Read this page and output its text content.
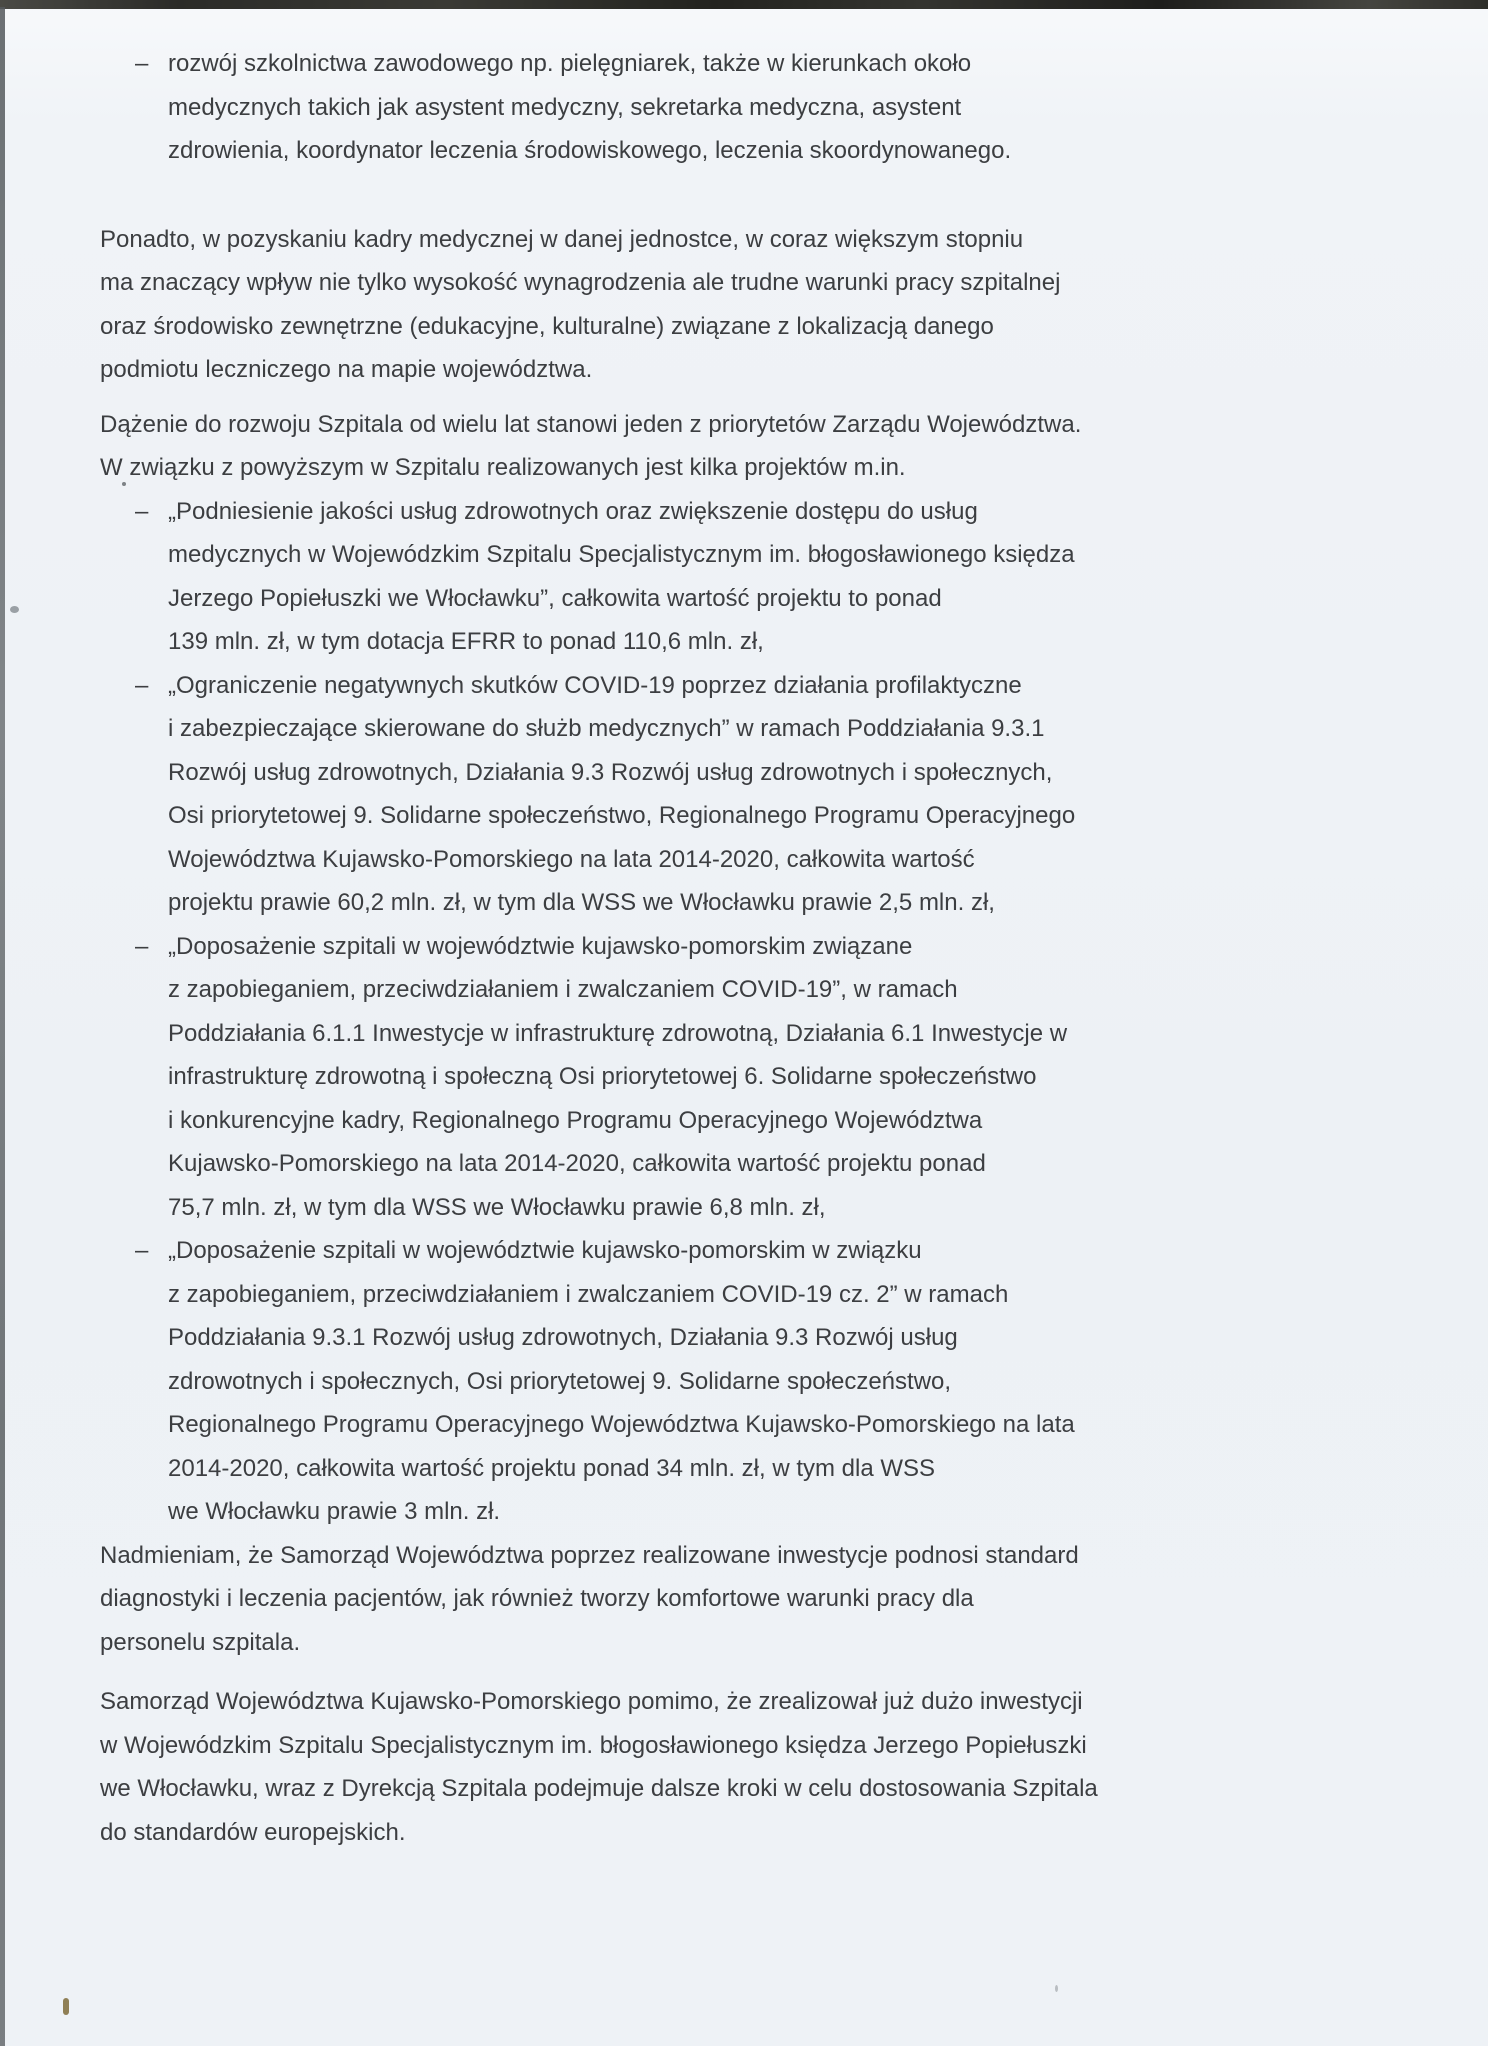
– rozwój szkolnictwa zawodowego np. pielęgniarek, także w kierunkach około
medycznych takich jak asystent medyczny, sekretarka medyczna, asystent
zdrowienia, koordynator leczenia środowiskowego, leczenia skoordynowanego.

Ponadto, w pozyskaniu kadry medycznej w danej jednostce, w coraz większym stopniu
ma znaczący wpływ nie tylko wysokość wynagrodzenia ale trudne warunki pracy szpitalnej
oraz środowisko zewnętrzne (edukacyjne, kulturalne) związane z lokalizacją danego
podmiotu leczniczego na mapie województwa.

Dążenie do rozwoju Szpitala od wielu lat stanowi jeden z priorytetów Zarządu Województwa.
W związku z powyższym w Szpitalu realizowanych jest kilka projektów m.in.

– „Podniesienie jakości usług zdrowotnych oraz zwiększenie dostępu do usług
medycznych w Wojewódzkim Szpitalu Specjalistycznym im. błogosławionego księdza
Jerzego Popiełuszki we Włocławku”, całkowita wartość projektu to ponad
139 mln. zł, w tym dotacja EFRR to ponad 110,6 mln. zł,
– „Ograniczenie negatywnych skutków COVID-19 poprzez działania profilaktyczne
i zabezpieczające skierowane do służb medycznych” w ramach Poddziałania 9.3.1
Rozwój usług zdrowotnych, Działania 9.3 Rozwój usług zdrowotnych i społecznych,
Osi priorytetowej 9. Solidarne społeczeństwo, Regionalnego Programu Operacyjnego
Województwa Kujawsko-Pomorskiego na lata 2014-2020, całkowita wartość
projektu prawie 60,2 mln. zł, w tym dla WSS we Włocławku prawie 2,5 mln. zł,
– „Doposażenie szpitali w województwie kujawsko-pomorskim związane
z zapobieganiem, przeciwdziałaniem i zwalczaniem COVID-19”, w ramach
Poddziałania 6.1.1 Inwestycje w infrastrukturę zdrowotną, Działania 6.1 Inwestycje w
infrastrukturę zdrowotną i społeczną Osi priorytetowej 6. Solidarne społeczeństwo
i konkurencyjne kadry, Regionalnego Programu Operacyjnego Województwa
Kujawsko-Pomorskiego na lata 2014-2020, całkowita wartość projektu ponad
75,7 mln. zł, w tym dla WSS we Włocławku prawie 6,8 mln. zł,
– „Doposażenie szpitali w województwie kujawsko-pomorskim w związku
z zapobieganiem, przeciwdziałaniem i zwalczaniem COVID-19 cz. 2” w ramach
Poddziałania 9.3.1 Rozwój usług zdrowotnych, Działania 9.3 Rozwój usług
zdrowotnych i społecznych, Osi priorytetowej 9. Solidarne społeczeństwo,
Regionalnego Programu Operacyjnego Województwa Kujawsko-Pomorskiego na lata
2014-2020, całkowita wartość projektu ponad 34 mln. zł, w tym dla WSS
we Włocławku prawie 3 mln. zł.

Nadmieniam, że Samorząd Województwa poprzez realizowane inwestycje podnosi standard
diagnostyki i leczenia pacjentów, jak również tworzy komfortowe warunki pracy dla
personelu szpitala.

Samorząd Województwa Kujawsko-Pomorskiego pomimo, że zrealizował już dużo inwestycji
w Wojewódzkim Szpitalu Specjalistycznym im. błogosławionego księdza Jerzego Popiełuszki
we Włocławku, wraz z Dyrekcją Szpitala podejmuje dalsze kroki w celu dostosowania Szpitala
do standardów europejskich.
